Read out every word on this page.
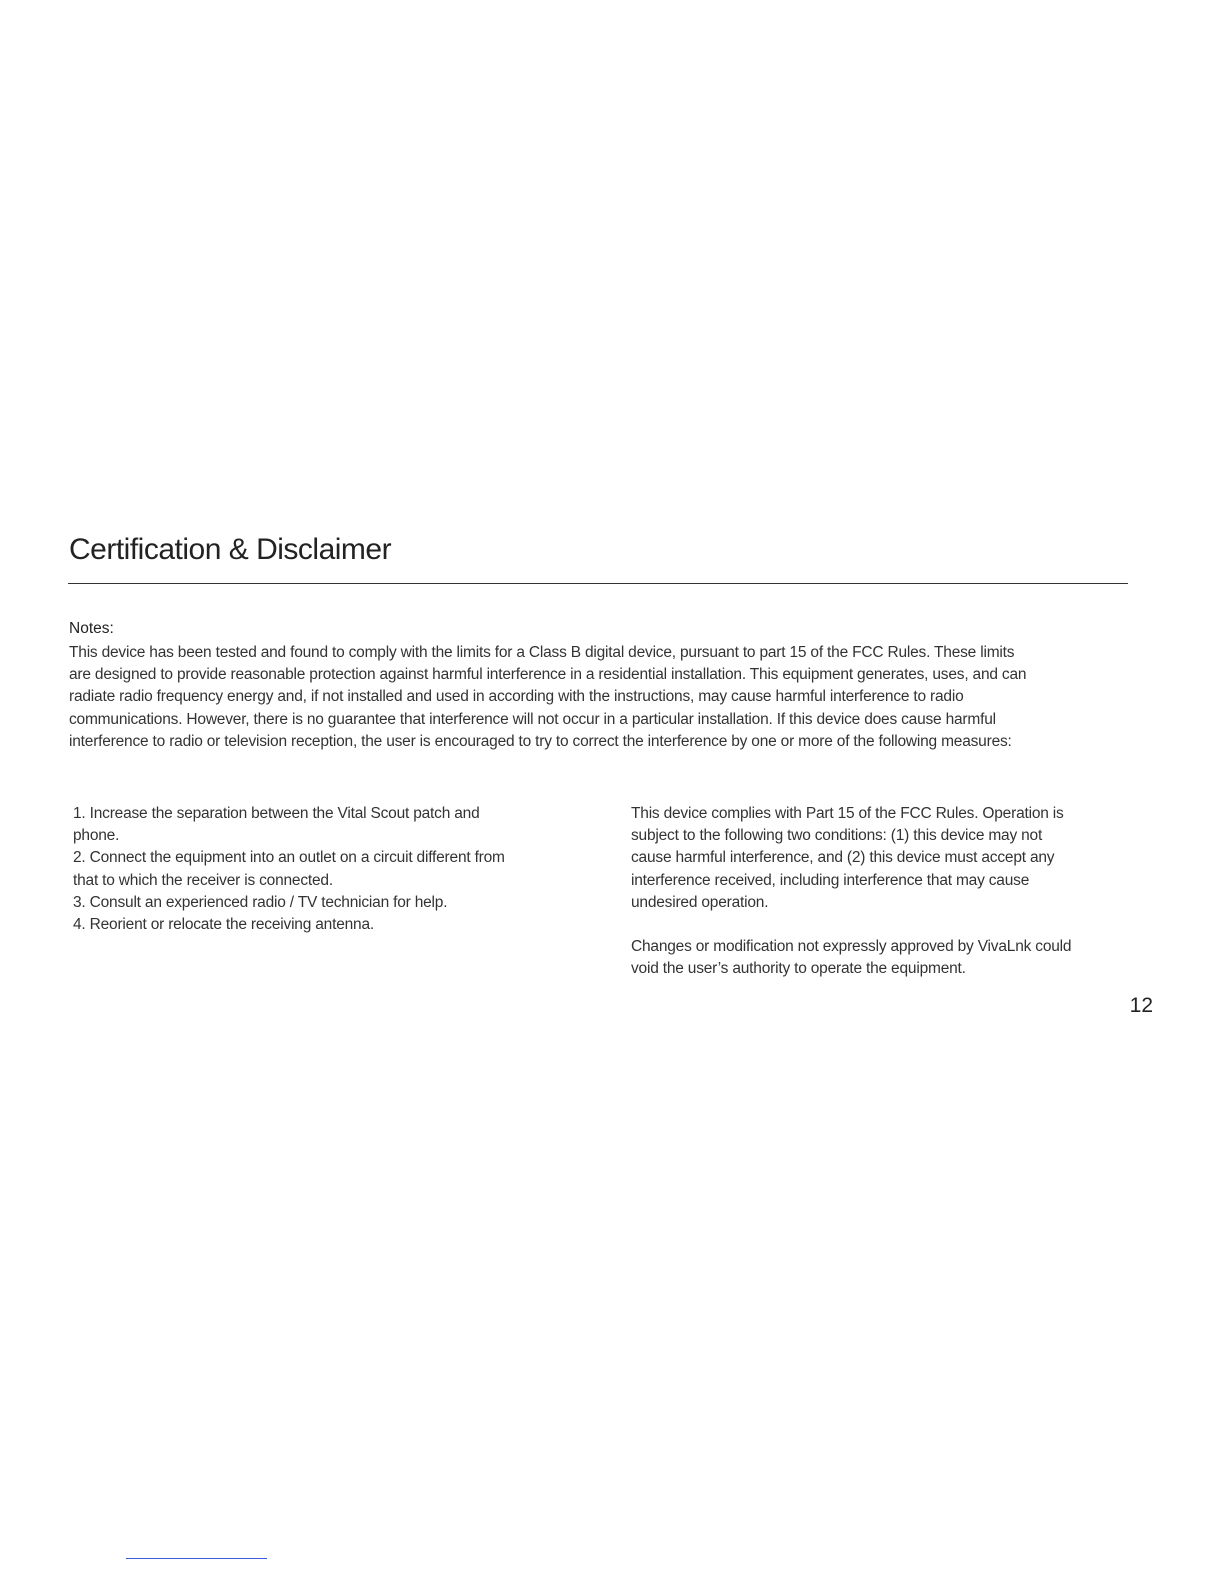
Certification & Disclaimer
Notes:
This device has been tested and found to comply with the limits for a Class B digital device, pursuant to part 15 of the FCC Rules. These limits
are designed to provide reasonable protection against harmful interference in a residential installation. This equipment generates, uses, and can
radiate radio frequency energy and, if not installed and used in according with the instructions, may cause harmful interference to radio
communications. However, there is no guarantee that interference will not occur in a particular installation. If this device does cause harmful
interference to radio or television reception, the user is encouraged to try to correct the interference by one or more of the following measures:
1. Increase the separation between the Vital Scout patch and
phone.
2. Connect the equipment into an outlet on a circuit different from
that to which the receiver is connected.
3. Consult an experienced radio / TV technician for help.
4. Reorient or relocate the receiving antenna.
This device complies with Part 15 of the FCC Rules. Operation is
subject to the following two conditions: (1) this device may not
cause harmful interference, and (2) this device must accept any
interference received, including interference that may cause
undesired operation.
Changes or modification not expressly approved by VivaLnk could
void the user’s authority to operate the equipment.
12
